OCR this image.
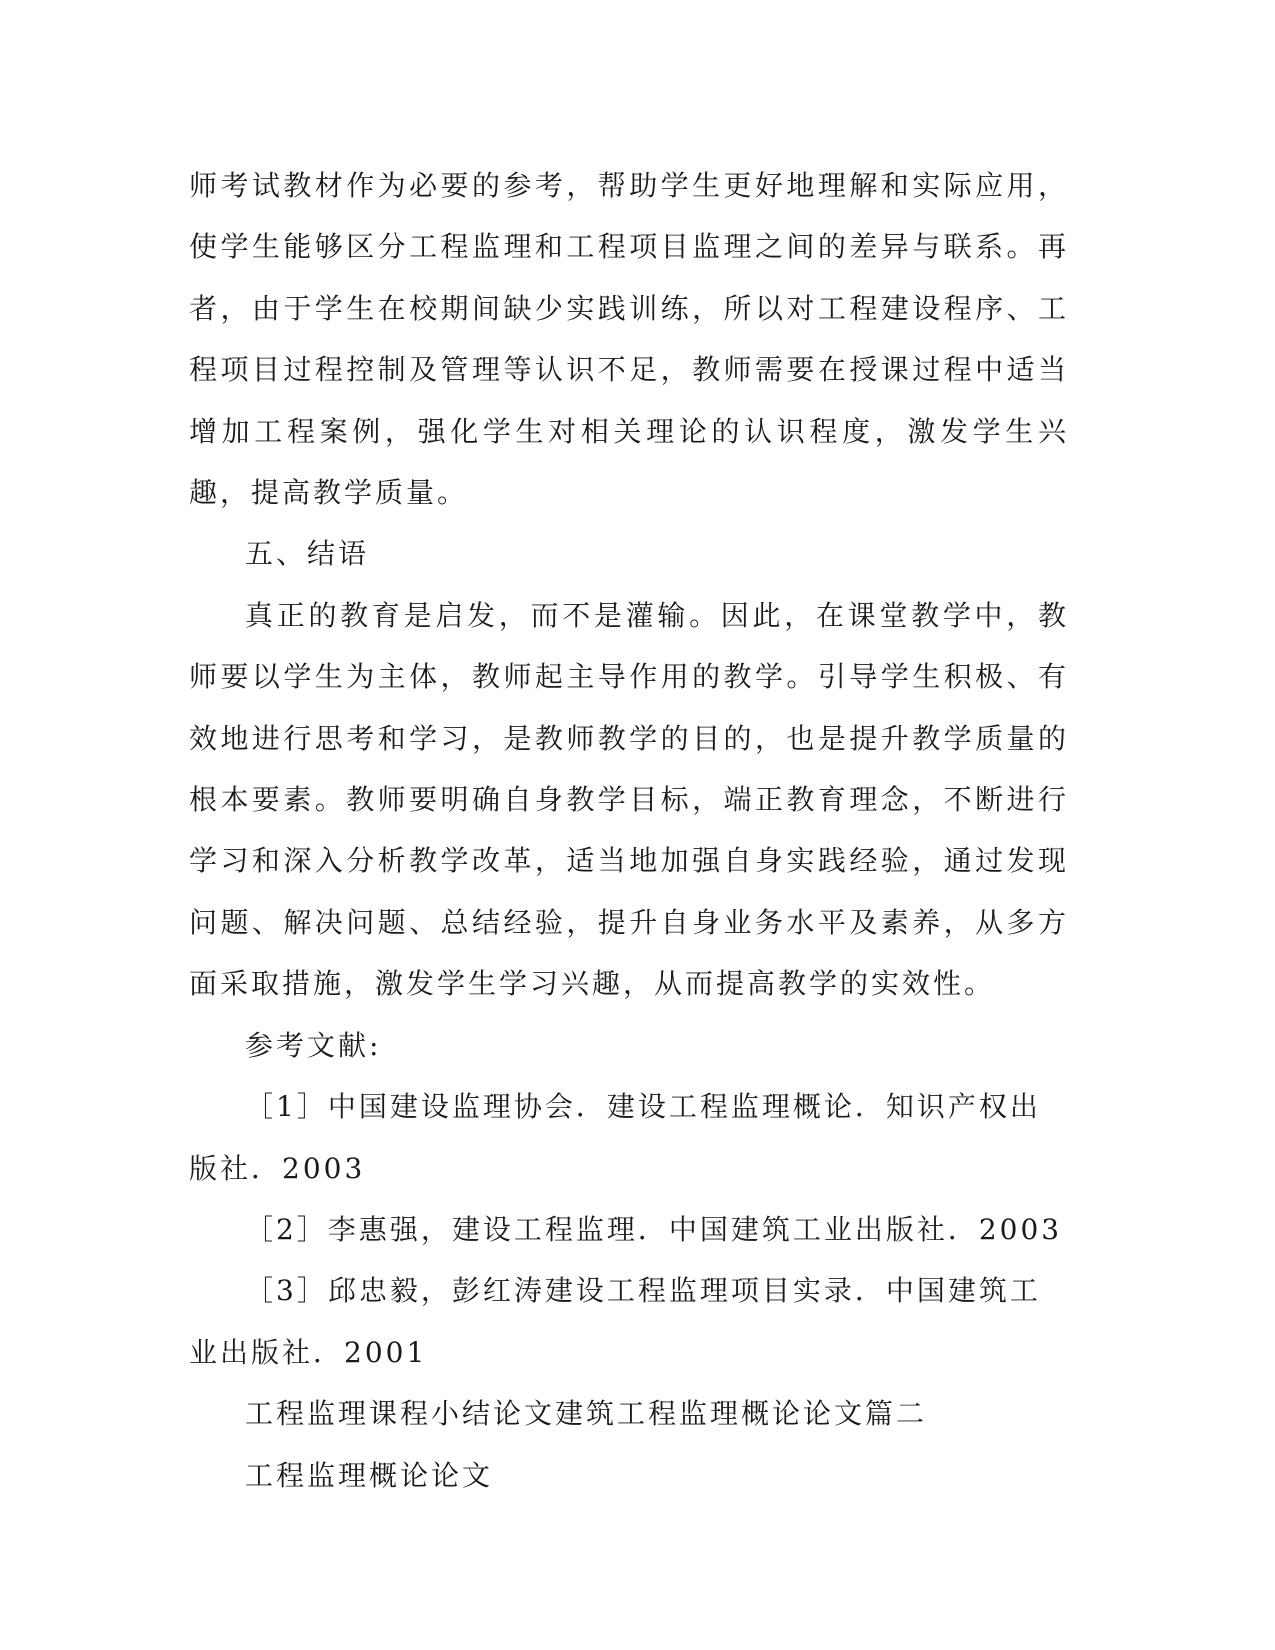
师考试教材作为必要的参考，帮助学生更好地理解和实际应用，使学生能够区分工程监理和工程项目监理之间的差异与联系。再者，由于学生在校期间缺少实践训练，所以对工程建设程序、工程项目过程控制及管理等认识不足，教师需要在授课过程中适当增加工程案例，强化学生对相关理论的认识程度，激发学生兴趣，提高教学质量。

五、结语

真正的教育是启发，而不是灌输。因此，在课堂教学中，教师要以学生为主体，教师起主导作用的教学。引导学生积极、有效地进行思考和学习，是教师教学的目的，也是提升教学质量的根本要素。教师要明确自身教学目标，端正教育理念，不断进行学习和深入分析教学改革，适当地加强自身实践经验，通过发现问题、解决问题、总结经验，提升自身业务水平及素养，从多方面采取措施，激发学生学习兴趣，从而提高教学的实效性。

参考文献:

［1］中国建设监理协会．建设工程监理概论．知识产权出版社．2003

［2］李惠强，建设工程监理．中国建筑工业出版社．2003

［3］邱忠毅，彭红涛建设工程监理项目实录．中国建筑工业出版社．2001

工程监理课程小结论文建筑工程监理概论论文篇二

工程监理概论论文
